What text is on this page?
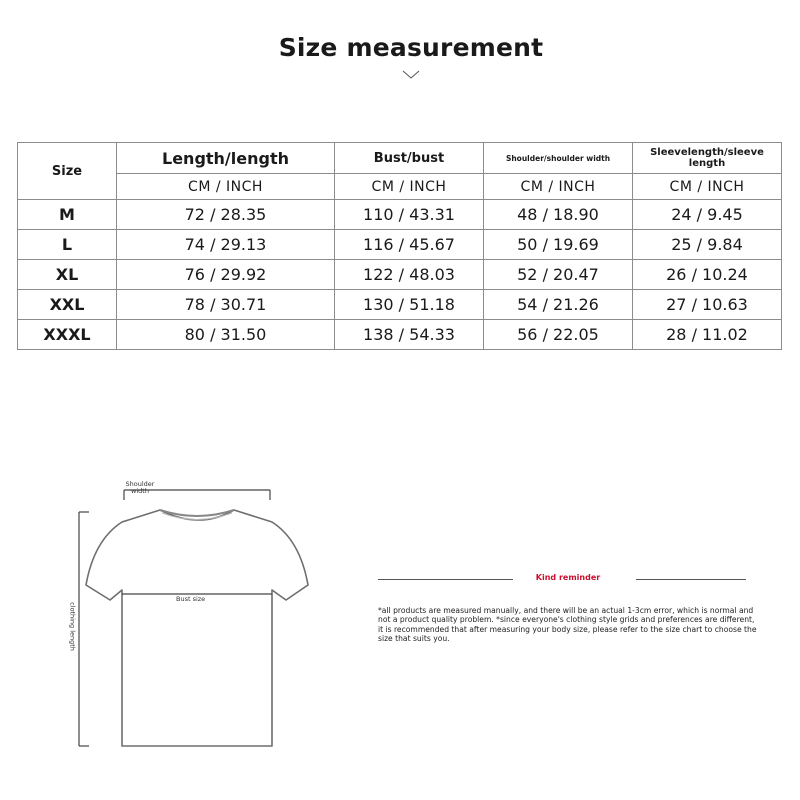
Size measurement
Size	Length/length	Bust/bust	Shoulder/shoulder width	Sleevelength/sleeve length
	CM / INCH	CM / INCH	CM / INCH	CM / INCH
M	72 / 28.35	110 / 43.31	48 / 18.90	24 / 9.45
L	74 / 29.13	116 / 45.67	50 / 19.69	25 / 9.84
XL	76 / 29.92	122 / 48.03	52 / 20.47	26 / 10.24
XXL	78 / 30.71	130 / 51.18	54 / 21.26	27 / 10.63
XXXL	80 / 31.50	138 / 54.33	56 / 22.05	28 / 11.02
Shoulder width
Bust size
clothing length
Kind reminder
*all products are measured manually, and there will be an actual 1-3cm error, which is normal and not a product quality problem. *since everyone's clothing style grids and preferences are different, it is recommended that after measuring your body size, please refer to the size chart to choose the size that suits you.
